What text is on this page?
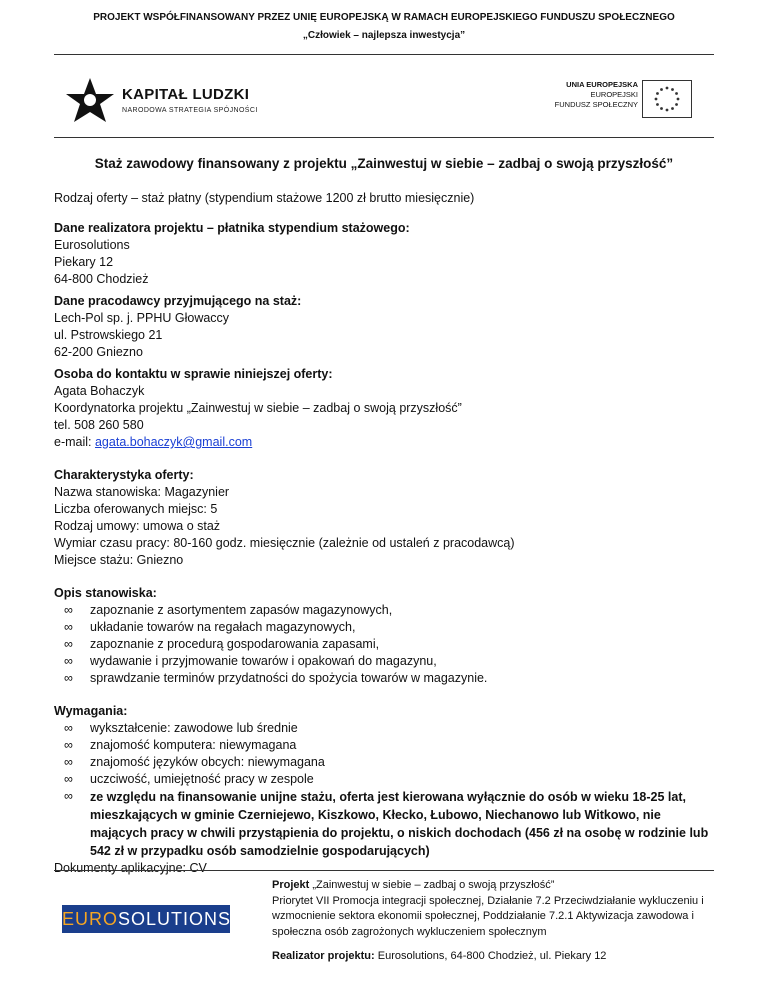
PROJEKT WSPÓŁFINANSOWANY PRZEZ UNIĘ EUROPEJSKĄ W RAMACH EUROPEJSKIEGO FUNDUSZU SPOŁECZNEGO
„Człowiek – najlepsza inwestycja”
KAPITAŁ LUDZKI
NARODOWA STRATEGIA SPÓJNOŚCI
UNIA EUROPEJSKA
EUROPEJSKI
FUNDUSZ SPOŁECZNY
Staż zawodowy finansowany z projektu „Zainwestuj w siebie – zadbaj o swoją przyszłość”
Rodzaj oferty – staż płatny (stypendium stażowe 1200 zł brutto miesięcznie)
Dane realizatora projektu – płatnika stypendium stażowego:
Eurosolutions
Piekary 12
64-800 Chodzież
Dane pracodawcy przyjmującego na staż:
Lech-Pol sp. j. PPHU Głowaccy
ul. Pstrowskiego 21
62-200 Gniezno
Osoba do kontaktu w sprawie niniejszej oferty:
Agata Bohaczyk
Koordynatorka projektu „Zainwestuj w siebie – zadbaj o swoją przyszłość”
tel. 508 260 580
e-mail: agata.bohaczyk@gmail.com
Charakterystyka oferty:
Nazwa stanowiska: Magazynier
Liczba oferowanych miejsc: 5
Rodzaj umowy: umowa o staż
Wymiar czasu pracy: 80-160 godz. miesięcznie (zależnie od ustaleń z pracodawcą)
Miejsce stażu: Gniezno
Opis stanowiska:
∞ zapoznanie z asortymentem zapasów magazynowych,
∞ układanie towarów na regałach magazynowych,
∞ zapoznanie z procedurą gospodarowania zapasami,
∞ wydawanie i przyjmowanie towarów i opakowań do magazynu,
∞ sprawdzanie terminów przydatności do spożycia towarów w magazynie.
Wymagania:
∞ wykształcenie: zawodowe lub średnie
∞ znajomość komputera: niewymagana
∞ znajomość języków obcych: niewymagana
∞ uczciwość, umiejętność pracy w zespole
∞ ze względu na finansowanie unijne stażu, oferta jest kierowana wyłącznie do osób w wieku 18-25 lat, mieszkających w gminie Czerniejewo, Kiszkowo, Kłecko, Łubowo, Niechanowo lub Witkowo, nie mających pracy w chwili przystąpienia do projektu, o niskich dochodach (456 zł na osobę w rodzinie lub 542 zł w przypadku osób samodzielnie gospodarujących)
Dokumenty aplikacyjne: CV
EUROSOLUTIONS
Projekt „Zainwestuj w siebie – zadbaj o swoją przyszłość”
Priorytet VII Promocja integracji społecznej, Działanie 7.2 Przeciwdziałanie wykluczeniu i wzmocnienie sektora ekonomii społecznej, Poddziałanie 7.2.1 Aktywizacja zawodowa i społeczna osób zagrożonych wykluczeniem społecznym
Realizator projektu: Eurosolutions, 64-800 Chodzież, ul. Piekary 12
